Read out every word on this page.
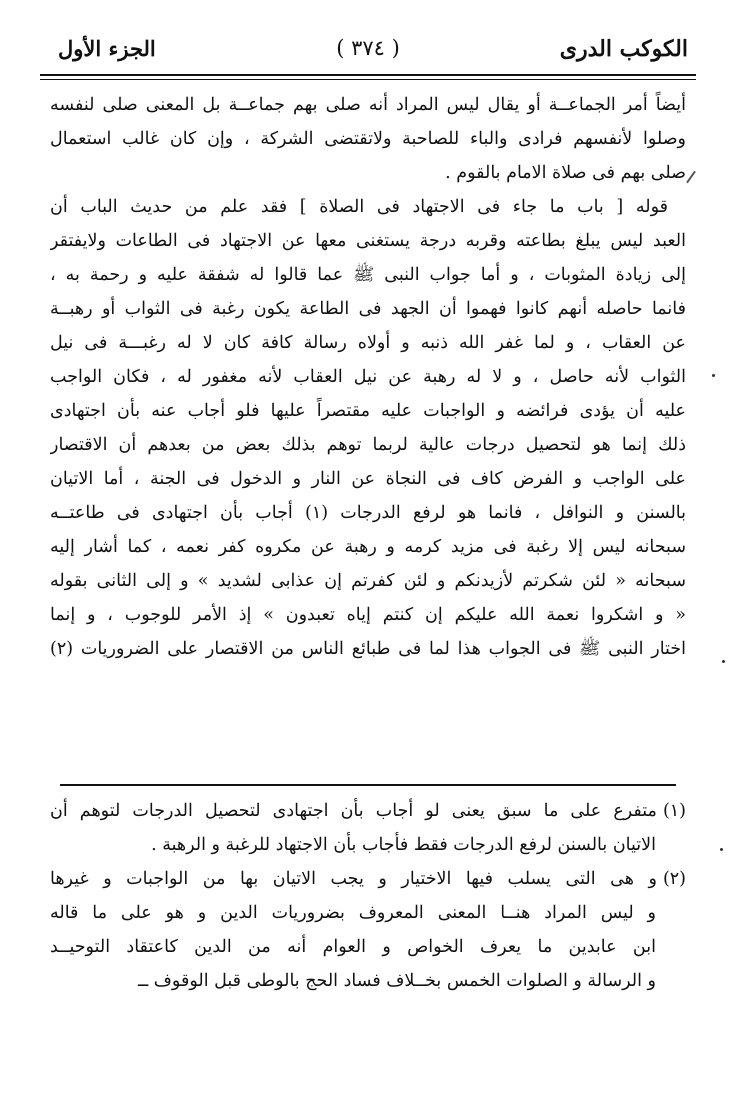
الكوكب الدرى
( ٣٧٤ )
الجزء الأول
أيضاً أمر الجماعــة أو يقال ليس المراد أنه صلى بهم جماعــة بل المعنى صلى لنفسه
وصلوا لأنفسهم فرادى والباء للصاحبة ولاتقتضى الشركة ، وإن كان غالب استعمال
صلى بهم فى صلاة الامام بالقوم .
قوله [ باب ما جاء فى الاجتهاد فى الصلاة ] فقد علم من حديث الباب أن
العبد ليس يبلغ بطاعته وقربه درجة يستغنى معها عن الاجتهاد فى الطاعات ولايفتقر
إلى زيادة المثوبات ، و أما جواب النبى ﷺ عما قالوا له شفقة عليه و رحمة به ،
فانما حاصله أنهم كانوا فهموا أن الجهد فى الطاعة يكون رغبة فى الثواب أو رهبــة
عن العقاب ، و لما غفر الله ذنبه و أولاه رسالة كافة كان لا له رغبـــة فى نيل
الثواب لأنه حاصل ، و لا له رهبة عن نيل العقاب لأنه مغفور له ، فكان الواجب
عليه أن يؤدى فرائضه و الواجبات عليه مقتصراً عليها فلو أجاب عنه بأن اجتهادى
ذلك إنما هو لتحصيل درجات عالية لربما توهم بذلك بعض من بعدهم أن الاقتصار
على الواجب و الفرض كاف فى النجاة عن النار و الدخول فى الجنة ، أما الاتيان
بالسنن و النوافل ، فانما هو لرفع الدرجات (١) أجاب بأن اجتهادى فى طاعتــه
سبحانه ليس إلا رغبة فى مزيد كرمه و رهبة عن مكروه كفر نعمه ، كما أشار إليه
سبحانه « لئن شكرتم لأزيدنكم و لئن كفرتم إن عذابى لشديد » و إلى الثانى بقوله
« و اشكروا نعمة الله عليكم إن كنتم إياه تعبدون » إذ الأمر للوجوب ، و إنما
اختار النبى ﷺ فى الجواب هذا لما فى طبائع الناس من الاقتصار على الضروريات (٢)
(١)متفرع على ما سبق يعنى لو أجاب بأن اجتهادى لتحصيل الدرجات لتوهم أن
الاتيان بالسنن لرفع الدرجات فقط فأجاب بأن الاجتهاد للرغبة و الرهبة .
(٢)و هى التى يسلب فيها الاختيار و يجب الاتيان بها من الواجبات و غيرها
و ليس المراد هنــا المعنى المعروف بضروريات الدين و هو على ما قاله
ابن عابدين ما يعرف الخواص و العوام أنه من الدين كاعتقاد التوحيــد
و الرسالة و الصلوات الخمس بخــلاف فساد الحج بالوطى قبل الوقوف ــ
